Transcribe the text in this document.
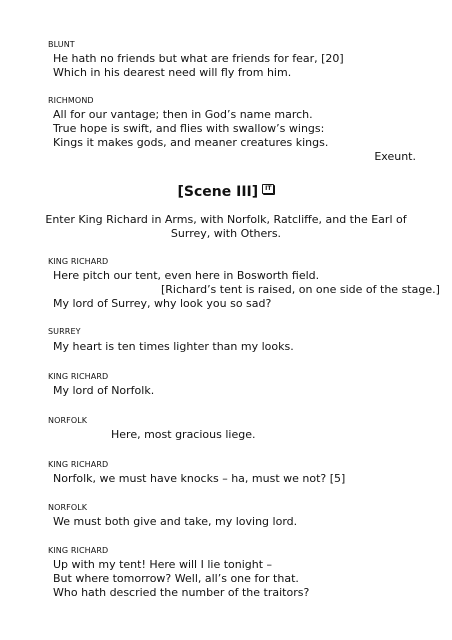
BLUNT
He hath no friends but what are friends for fear, [20]
Which in his dearest need will fly from him.
RICHMOND
All for our vantage; then in God’s name march.
True hope is swift, and flies with swallow’s wings:
Kings it makes gods, and meaner creatures kings.
Exeunt.
[Scene III] IT
Enter King Richard in Arms, with Norfolk, Ratcliffe, and the Earl of
Surrey, with Others.
KING RICHARD
Here pitch our tent, even here in Bosworth field.
[Richard’s tent is raised, on one side of the stage.]
My lord of Surrey, why look you so sad?
SURREY
My heart is ten times lighter than my looks.
KING RICHARD
My lord of Norfolk.
NORFOLK
Here, most gracious liege.
KING RICHARD
Norfolk, we must have knocks – ha, must we not? [5]
NORFOLK
We must both give and take, my loving lord.
KING RICHARD
Up with my tent! Here will I lie tonight –
But where tomorrow? Well, all’s one for that.
Who hath descried the number of the traitors?
